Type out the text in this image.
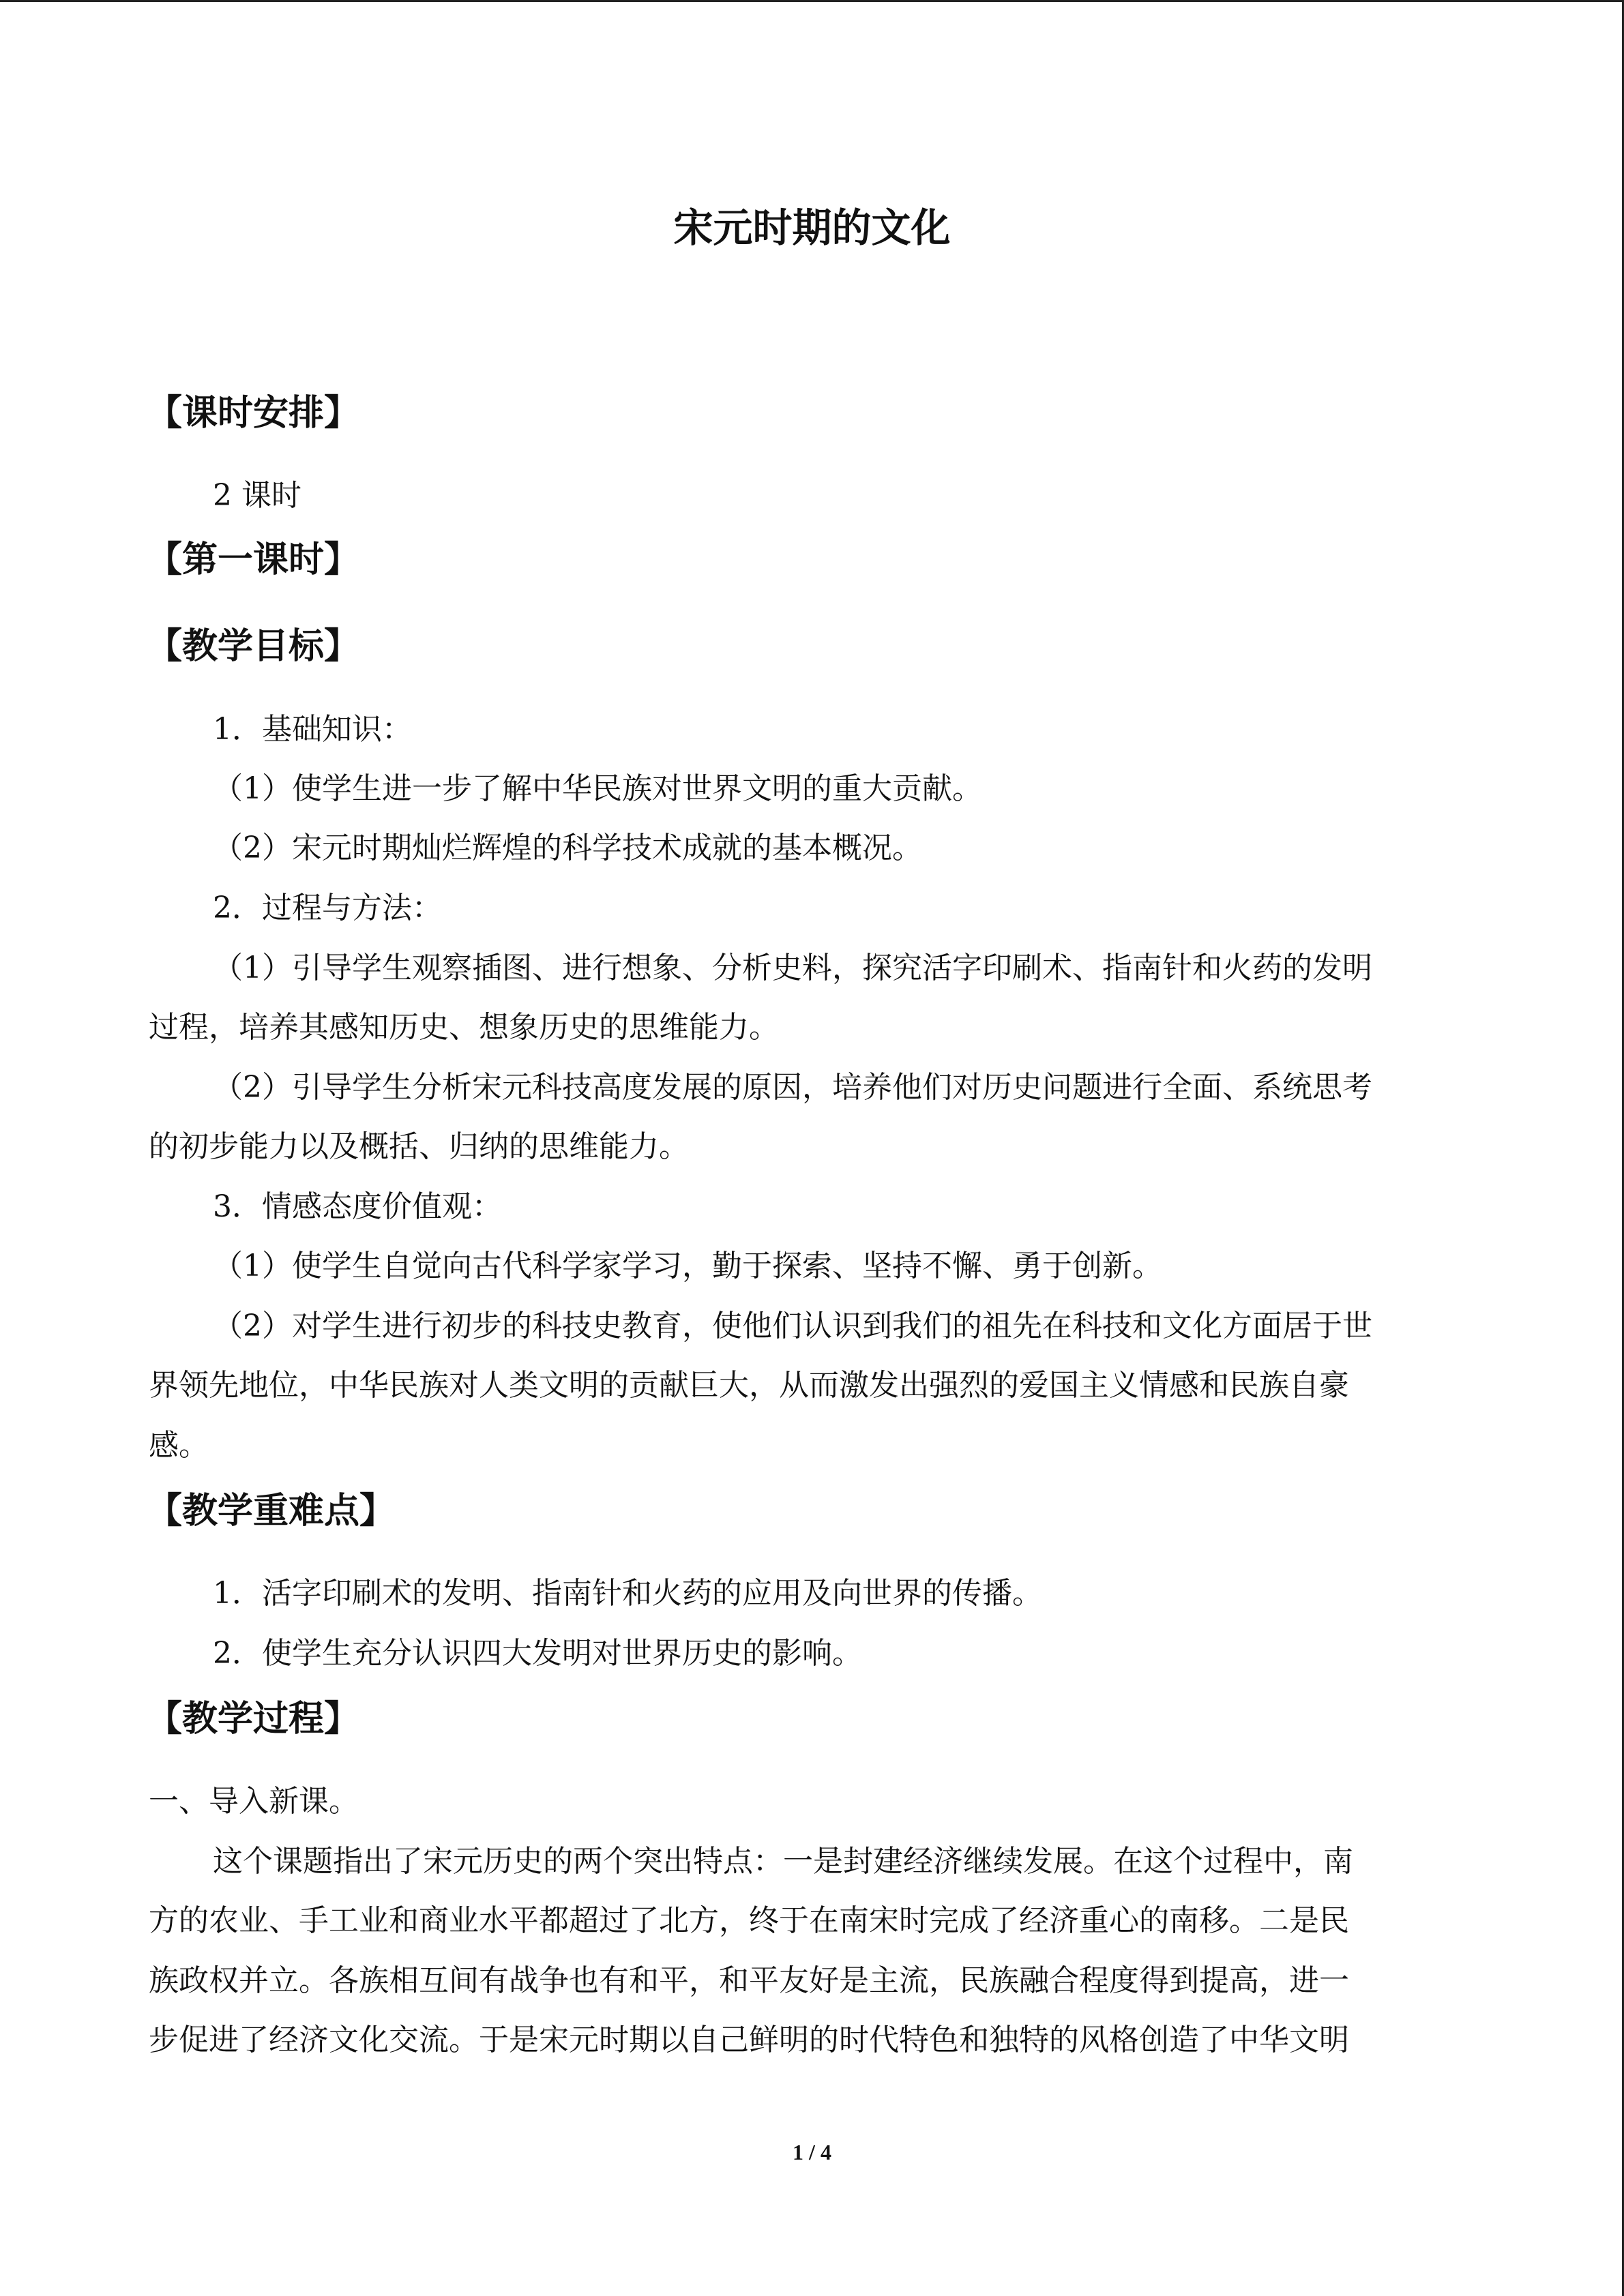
宋元时期的文化
【课时安排】
2 课时
【第一课时】
【教学目标】
1．基础知识：
（1）使学生进一步了解中华民族对世界文明的重大贡献。
（2）宋元时期灿烂辉煌的科学技术成就的基本概况。
2．过程与方法：
（1）引导学生观察插图、进行想象、分析史料，探究活字印刷术、指南针和火药的发明
过程，培养其感知历史、想象历史的思维能力。
（2）引导学生分析宋元科技高度发展的原因，培养他们对历史问题进行全面、系统思考
的初步能力以及概括、归纳的思维能力。
3．情感态度价值观：
（1）使学生自觉向古代科学家学习，勤于探索、坚持不懈、勇于创新。
（2）对学生进行初步的科技史教育，使他们认识到我们的祖先在科技和文化方面居于世
界领先地位，中华民族对人类文明的贡献巨大，从而激发出强烈的爱国主义情感和民族自豪
感。
【教学重难点】
1．活字印刷术的发明、指南针和火药的应用及向世界的传播。
2．使学生充分认识四大发明对世界历史的影响。
【教学过程】
一、导入新课。
这个课题指出了宋元历史的两个突出特点：一是封建经济继续发展。在这个过程中，南
方的农业、手工业和商业水平都超过了北方，终于在南宋时完成了经济重心的南移。二是民
族政权并立。各族相互间有战争也有和平，和平友好是主流，民族融合程度得到提高，进一
步促进了经济文化交流。于是宋元时期以自己鲜明的时代特色和独特的风格创造了中华文明
1 / 4
